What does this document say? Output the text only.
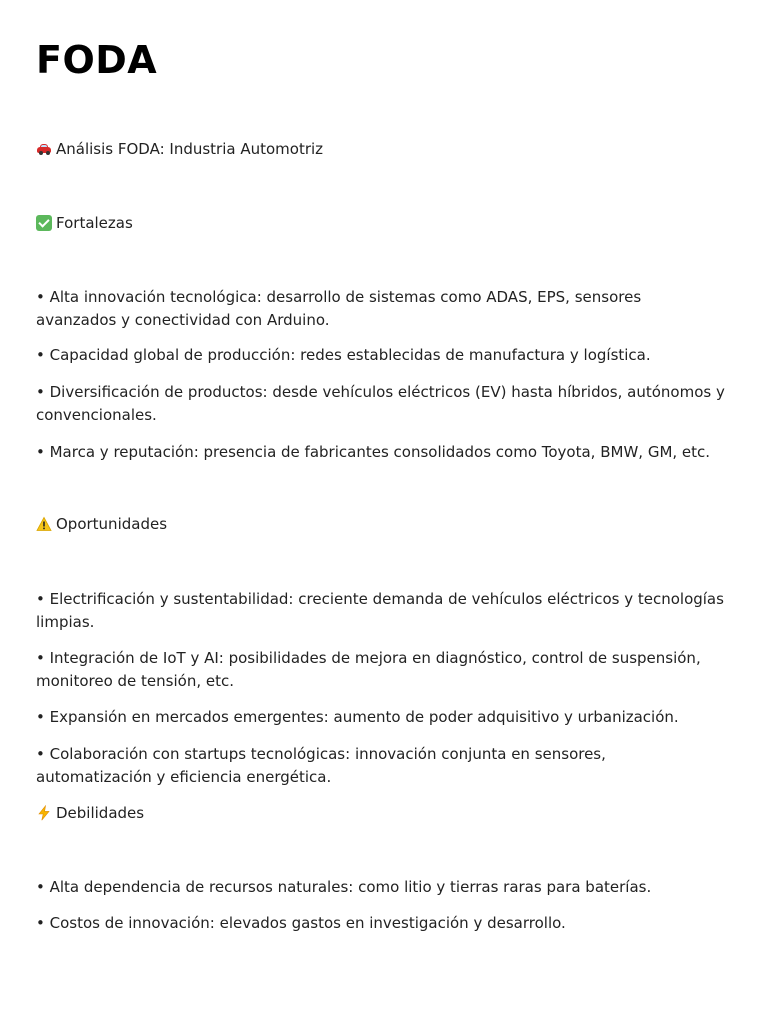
FODA
Análisis FODA: Industria Automotriz
Fortalezas
• Alta innovación tecnológica: desarrollo de sistemas como ADAS, EPS, sensores avanzados y conectividad con Arduino.
• Capacidad global de producción: redes establecidas de manufactura y logística.
• Diversificación de productos: desde vehículos eléctricos (EV) hasta híbridos, autónomos y convencionales.
• Marca y reputación: presencia de fabricantes consolidados como Toyota, BMW, GM, etc.
Oportunidades
• Electrificación y sustentabilidad: creciente demanda de vehículos eléctricos y tecnologías limpias.
• Integración de IoT y AI: posibilidades de mejora en diagnóstico, control de suspensión, monitoreo de tensión, etc.
• Expansión en mercados emergentes: aumento de poder adquisitivo y urbanización.
• Colaboración con startups tecnológicas: innovación conjunta en sensores, automatización y eficiencia energética.
Debilidades
• Alta dependencia de recursos naturales: como litio y tierras raras para baterías.
• Costos de innovación: elevados gastos en investigación y desarrollo.
